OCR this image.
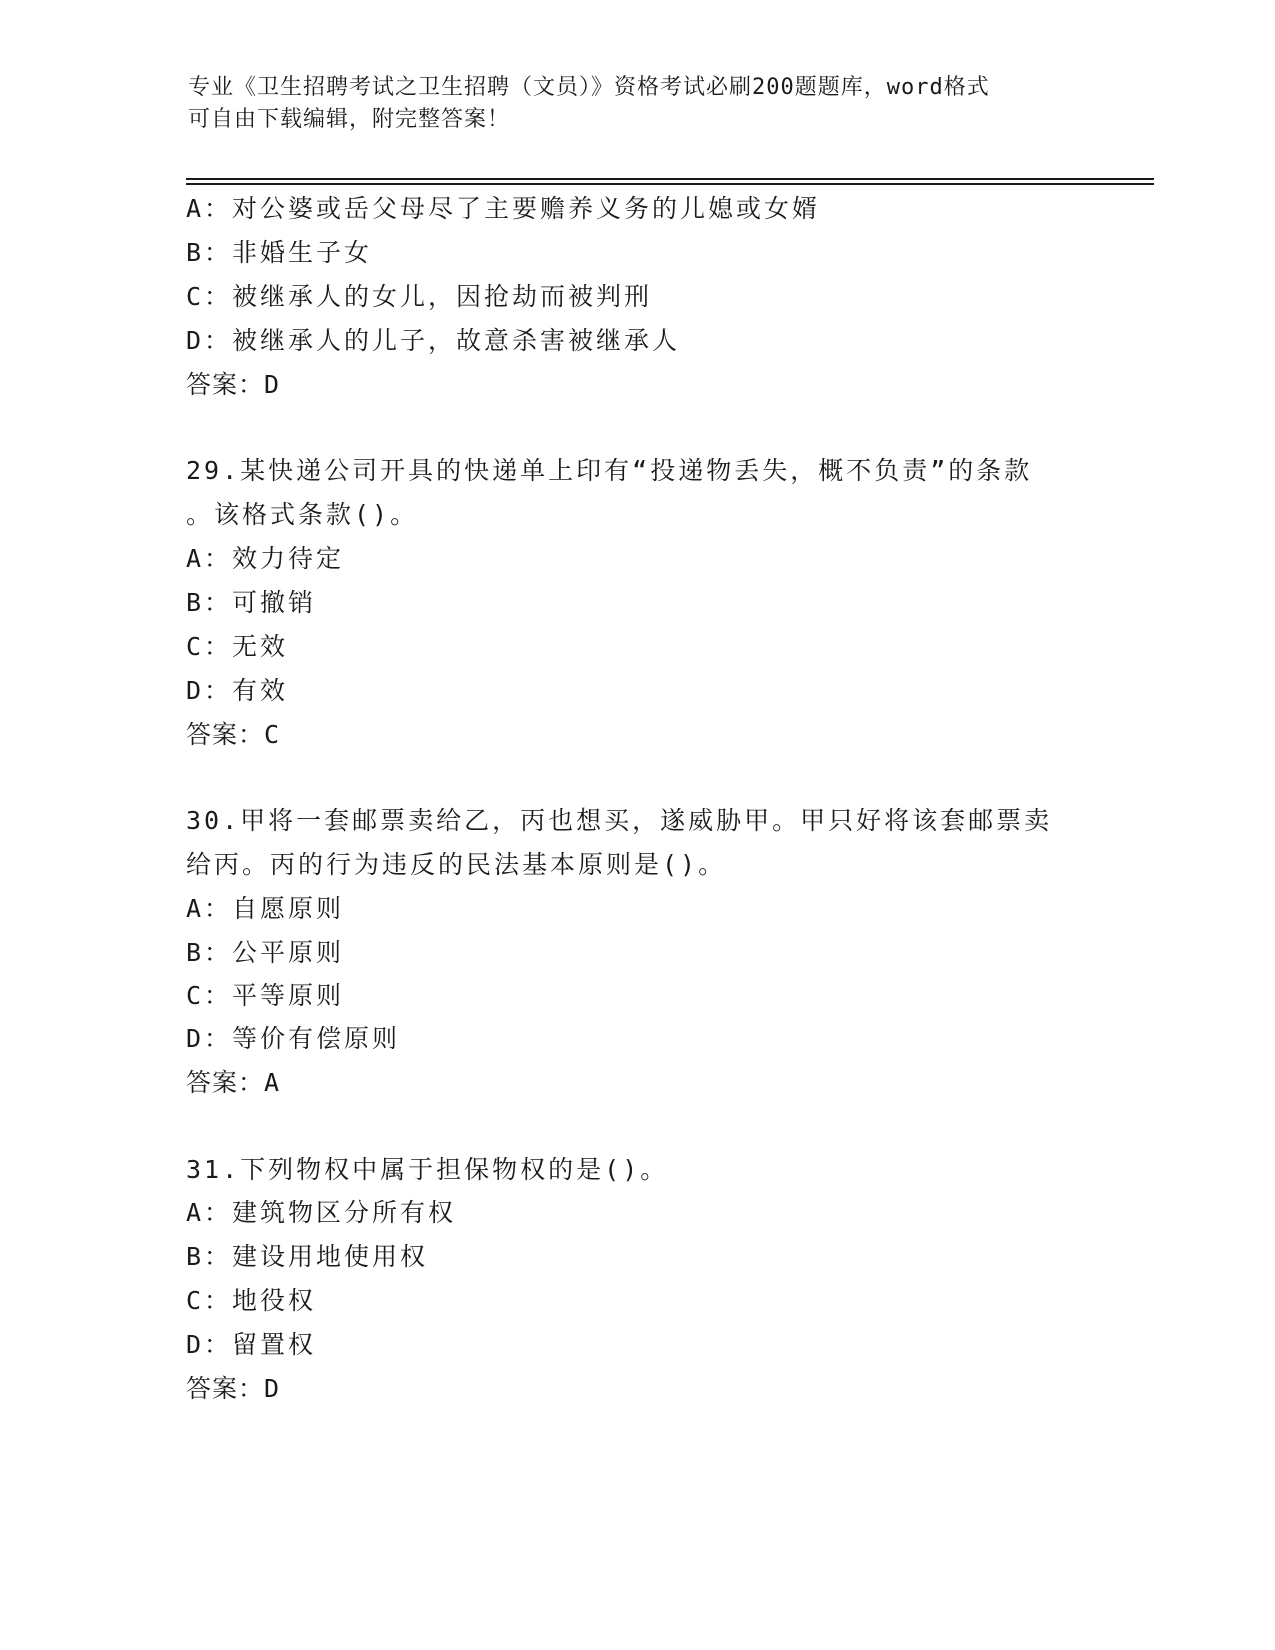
专业《卫生招聘考试之卫生招聘（文员）》资格考试必刷200题题库，word格式
可自由下载编辑，附完整答案！
A：对公婆或岳父母尽了主要赡养义务的儿媳或女婿
B：非婚生子女
C：被继承人的女儿，因抢劫而被判刑
D：被继承人的儿子，故意杀害被继承人
答案：D
29.某快递公司开具的快递单上印有“投递物丢失，概不负责”的条款
。该格式条款()。
A：效力待定
B：可撤销
C：无效
D：有效
答案：C
30.甲将一套邮票卖给乙，丙也想买，遂威胁甲。甲只好将该套邮票卖
给丙。丙的行为违反的民法基本原则是()。
A：自愿原则
B：公平原则
C：平等原则
D：等价有偿原则
答案：A
31.下列物权中属于担保物权的是()。
A：建筑物区分所有权
B：建设用地使用权
C：地役权
D：留置权
答案：D
